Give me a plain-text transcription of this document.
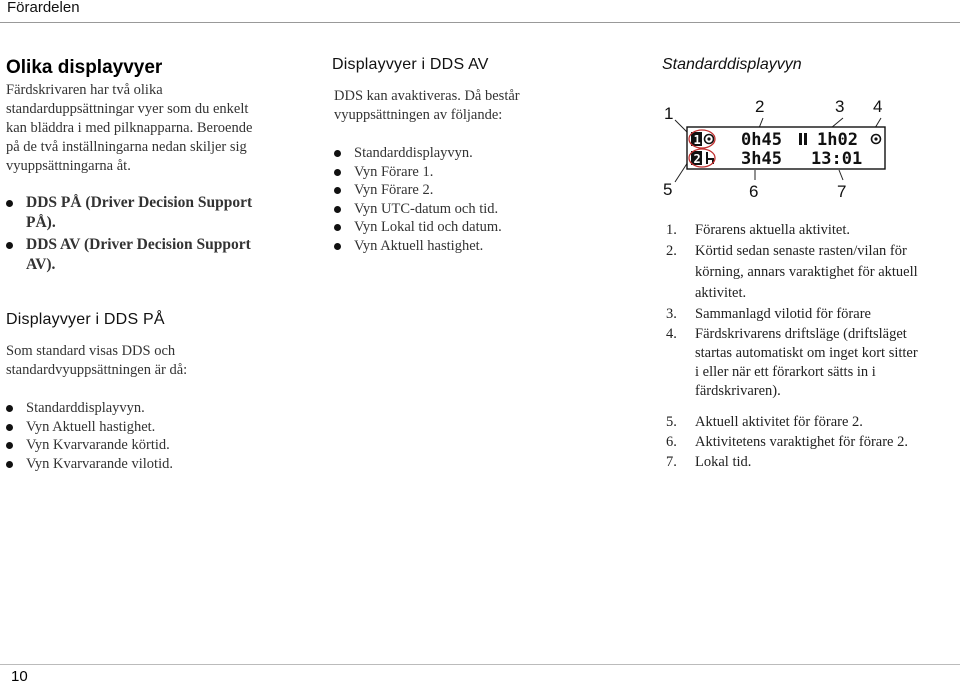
Förardelen
Olika displayvyer
Färdskrivaren har två olika
standarduppsättningar vyer som du enkelt
kan bläddra i med pilknapparna. Beroende
på de två inställningarna nedan skiljer sig
vyuppsättningarna åt.
DDS PÅ (Driver Decision Support
PÅ).
DDS AV (Driver Decision Support
AV).
Displayvyer i DDS PÅ
Som standard visas DDS och
standardvyuppsättningen är då:
Standarddisplayvyn.
Vyn Aktuell hastighet.
Vyn Kvarvarande körtid.
Vyn Kvarvarande vilotid.
Displayvyer i DDS AV
DDS kan avaktiveras. Då består
vyuppsättningen av följande:
Standarddisplayvyn.
Vyn Förare 1.
Vyn Förare 2.
Vyn UTC-datum och tid.
Vyn Lokal tid och datum.
Vyn Aktuell hastighet.
Standarddisplayvyn
1	2	3 4
5	6	7
1 0h45 1h02
2 3h45 13:01
1. Förarens aktuella aktivitet.
2. Körtid sedan senaste rasten/vilan för
körning, annars varaktighet för aktuell
aktivitet.
3. Sammanlagd vilotid för förare
4. Färdskrivarens driftsläge (driftsläget
startas automatiskt om inget kort sitter
i eller när ett förarkort sätts in i
färdskrivaren).
5. Aktuell aktivitet för förare 2.
6. Aktivitetens varaktighet för förare 2.
7. Lokal tid.
10
